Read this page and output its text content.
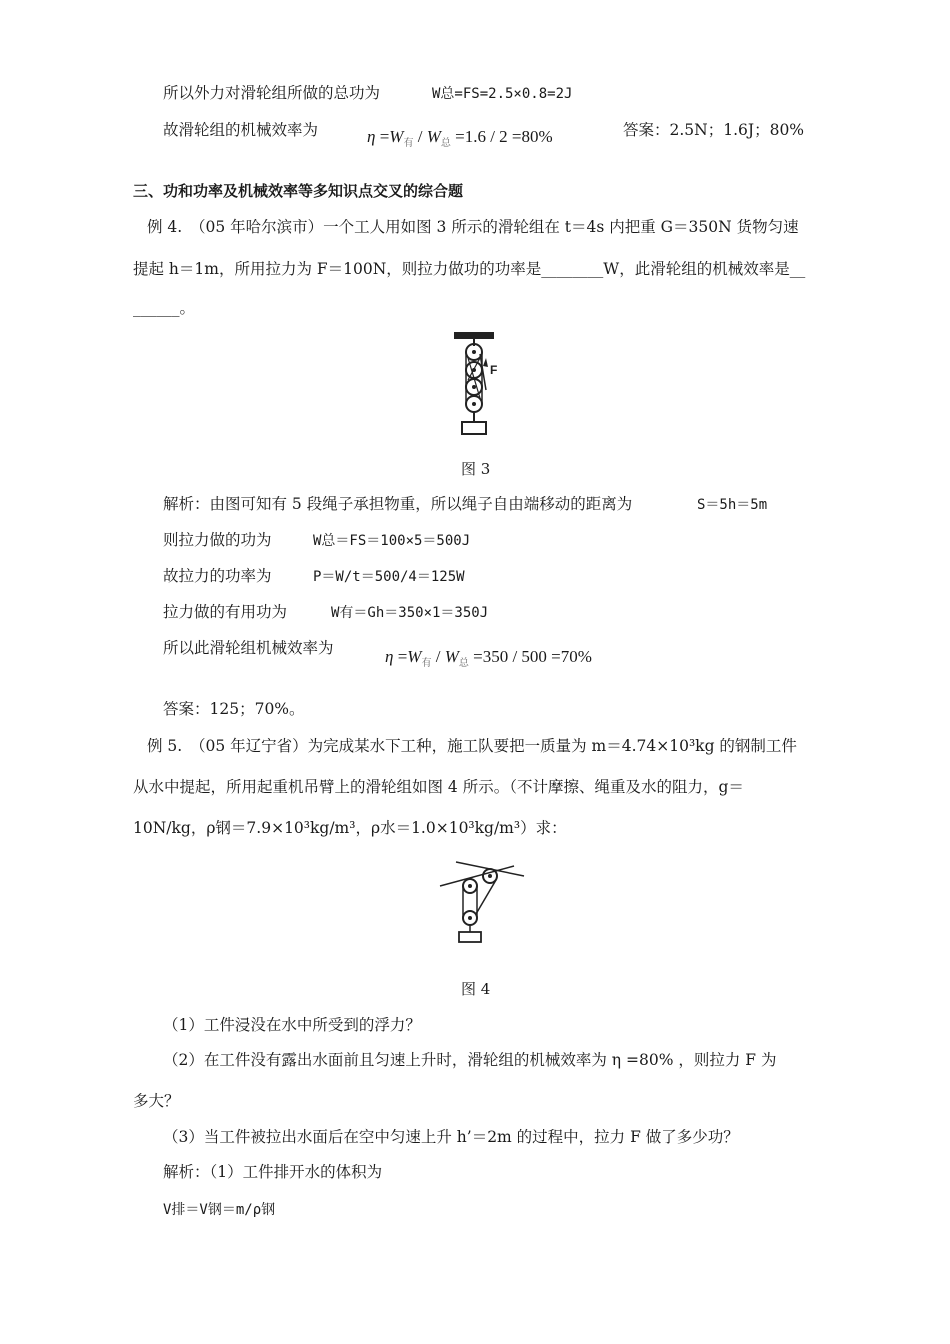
所以外力对滑轮组所做的总功为	W总=FS=2.5×0.8=2J
故滑轮组的机械效率为	$\eta =W_有 / W_总 =1.6 / 2 =80\%$	答案：2.5N；1.6J；80%
三、功和功率及机械效率等多知识点交叉的综合题
例 4.　（05 年哈尔滨市）一个工人用如图 3 所示的滑轮组在 t＝4s 内把重 G＝350N 货物匀速
提起 h＝1m，所用拉力为 F＝100N，则拉力做功的功率是________W，此滑轮组的机械效率是__
______。
F
图 3
解析：由图可知有 5 段绳子承担物重，所以绳子自由端移动的距离为	S＝5h＝5m
则拉力做的功为	W总＝FS＝100×5＝500J
故拉力的功率为	P＝W/t＝500/4＝125W
拉力做的有用功为	W有＝Gh＝350×1＝350J
所以此滑轮组机械效率为	$\eta =W_有 / W_总 =350 / 500 =70\%$
答案：125；70%。
例 5.　（05 年辽宁省）为完成某水下工种，施工队要把一质量为 m＝4.74×10³kg 的钢制工件
从水中提起，所用起重机吊臂上的滑轮组如图 4 所示。（不计摩擦、绳重及水的阻力，g＝
10N/kg，ρ钢＝7.9×10³kg/m³，ρ水＝1.0×10³kg/m³）求：
图 4
（1）工件浸没在水中所受到的浮力？
（2）在工件没有露出水面前且匀速上升时，滑轮组的机械效率为 η =80% ，则拉力 F 为
多大？
（3）当工件被拉出水面后在空中匀速上升 h’＝2m 的过程中，拉力 F 做了多少功？
解析：（1）工件排开水的体积为
V排＝V钢＝m/ρ钢
